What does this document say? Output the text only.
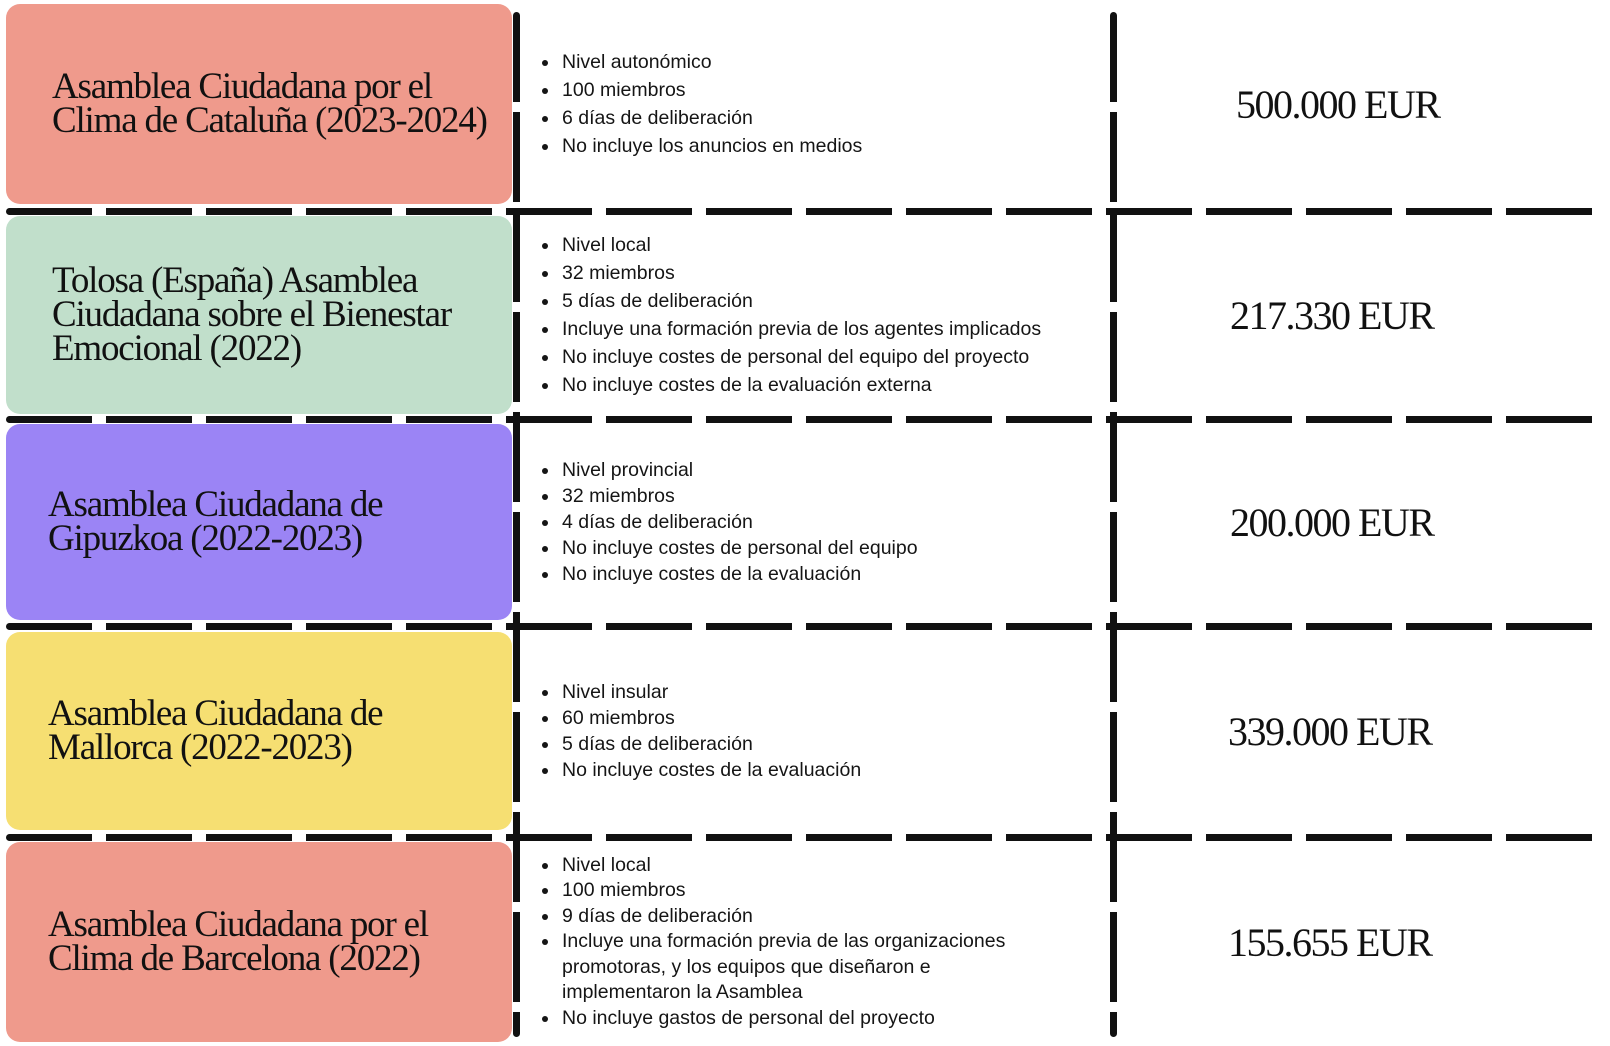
Asamblea Ciudadana por el Clima de Cataluña (2023-2024)

• Nivel autonómico
• 100 miembros
• 6 días de deliberación
• No incluye los anuncios en medios
500.000 EUR

Tolosa (España) Asamblea Ciudadana sobre el Bienestar Emocional (2022)

• Nivel local
• 32 miembros
• 5 días de deliberación
• Incluye una formación previa de los agentes implicados
• No incluye costes de personal del equipo del proyecto
• No incluye costes de la evaluación externa
217.330 EUR

Asamblea Ciudadana de Gipuzkoa (2022-2023)

• Nivel provincial
• 32 miembros
• 4 días de deliberación
• No incluye costes de personal del equipo
• No incluye costes de la evaluación
200.000 EUR

Asamblea Ciudadana de Mallorca (2022-2023)

• Nivel insular
• 60 miembros
• 5 días de deliberación
• No incluye costes de la evaluación
339.000 EUR

Asamblea Ciudadana por el Clima de Barcelona (2022)

• Nivel local
• 100 miembros
• 9 días de deliberación
• Incluye una formación previa de las organizaciones promotoras, y los equipos que diseñaron e implementaron la Asamblea
• No incluye gastos de personal del proyecto
155.655 EUR
